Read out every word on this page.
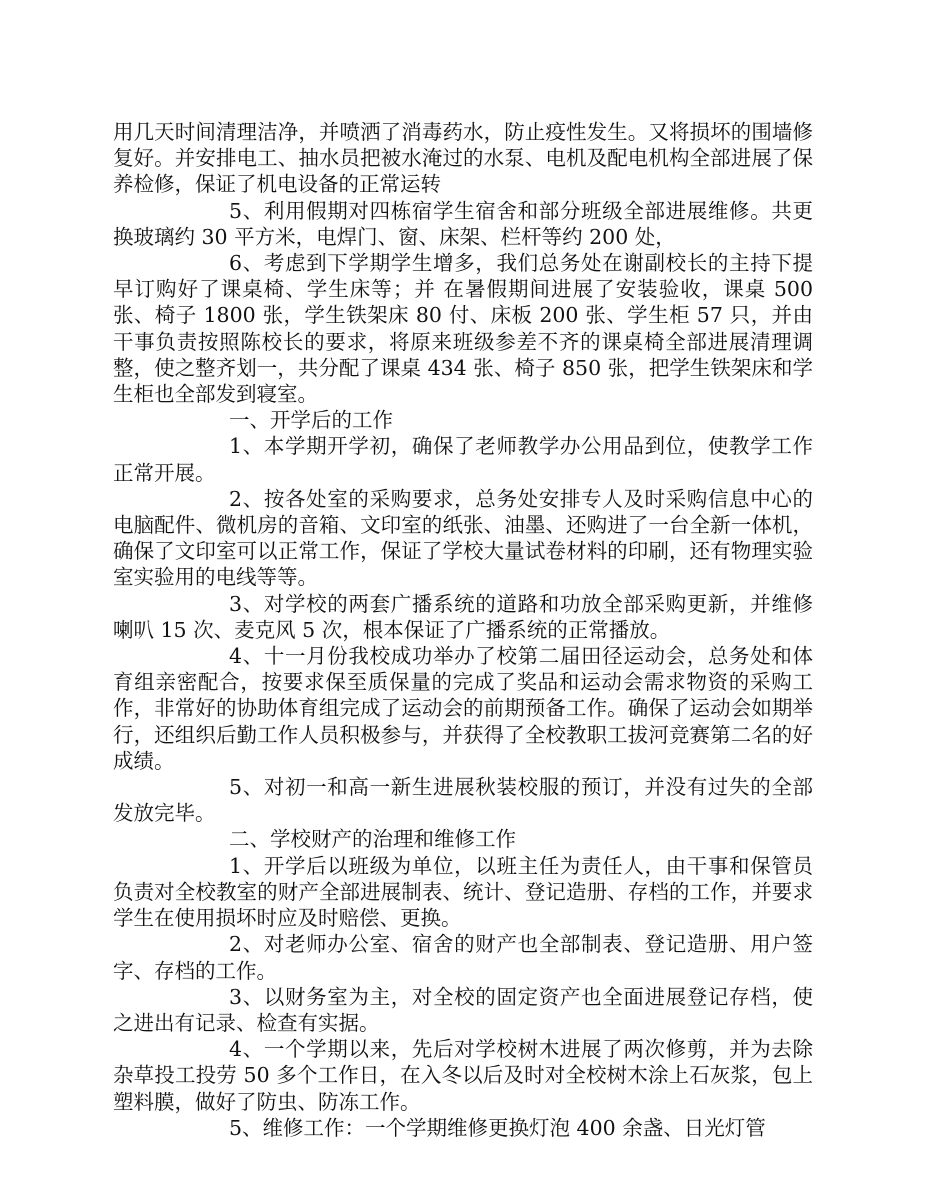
用几天时间清理洁净，并喷洒了消毒药水，防止疫性发生。又将损坏的围墙修复好。并安排电工、抽水员把被水淹过的水泵、电机及配电机构全部进展了保养检修，保证了机电设备的正常运转

5、利用假期对四栋宿学生宿舍和部分班级全部进展维修。共更换玻璃约 30 平方米，电焊门、窗、床架、栏杆等约 200 处，

6、考虑到下学期学生增多，我们总务处在谢副校长的主持下提早订购好了课桌椅、学生床等；并 在暑假期间进展了安装验收，课桌 500 张、椅子 1800 张，学生铁架床 80 付、床板 200 张、学生柜 57 只，并由干事负责按照陈校长的要求，将原来班级参差不齐的课桌椅全部进展清理调整，使之整齐划一，共分配了课桌 434 张、椅子 850 张，把学生铁架床和学生柜也全部发到寝室。

一、开学后的工作

1、本学期开学初，确保了老师教学办公用品到位，使教学工作正常开展。

2、按各处室的采购要求，总务处安排专人及时采购信息中心的电脑配件、微机房的音箱、文印室的纸张、油墨、还购进了一台全新一体机，确保了文印室可以正常工作，保证了学校大量试卷材料的印刷，还有物理实验室实验用的电线等等。

3、对学校的两套广播系统的道路和功放全部采购更新，并维修喇叭 15 次、麦克风 5 次，根本保证了广播系统的正常播放。

4、十一月份我校成功举办了校第二届田径运动会，总务处和体育组亲密配合，按要求保至质保量的完成了奖品和运动会需求物资的采购工作，非常好的协助体育组完成了运动会的前期预备工作。确保了运动会如期举行，还组织后勤工作人员积极参与，并获得了全校教职工拔河竞赛第二名的好成绩。

5、对初一和高一新生进展秋装校服的预订，并没有过失的全部发放完毕。

二、学校财产的治理和维修工作

1、开学后以班级为单位，以班主任为责任人，由干事和保管员负责对全校教室的财产全部进展制表、统计、登记造册、存档的工作，并要求学生在使用损坏时应及时赔偿、更换。

2、对老师办公室、宿舍的财产也全部制表、登记造册、用户签字、存档的工作。

3、以财务室为主，对全校的固定资产也全面进展登记存档，使之进出有记录、检查有实据。

4、一个学期以来，先后对学校树木进展了两次修剪，并为去除杂草投工投劳 50 多个工作日，在入冬以后及时对全校树木涂上石灰浆，包上塑料膜，做好了防虫、防冻工作。

5、维修工作：一个学期维修更换灯泡 400 余盏、日光灯管
